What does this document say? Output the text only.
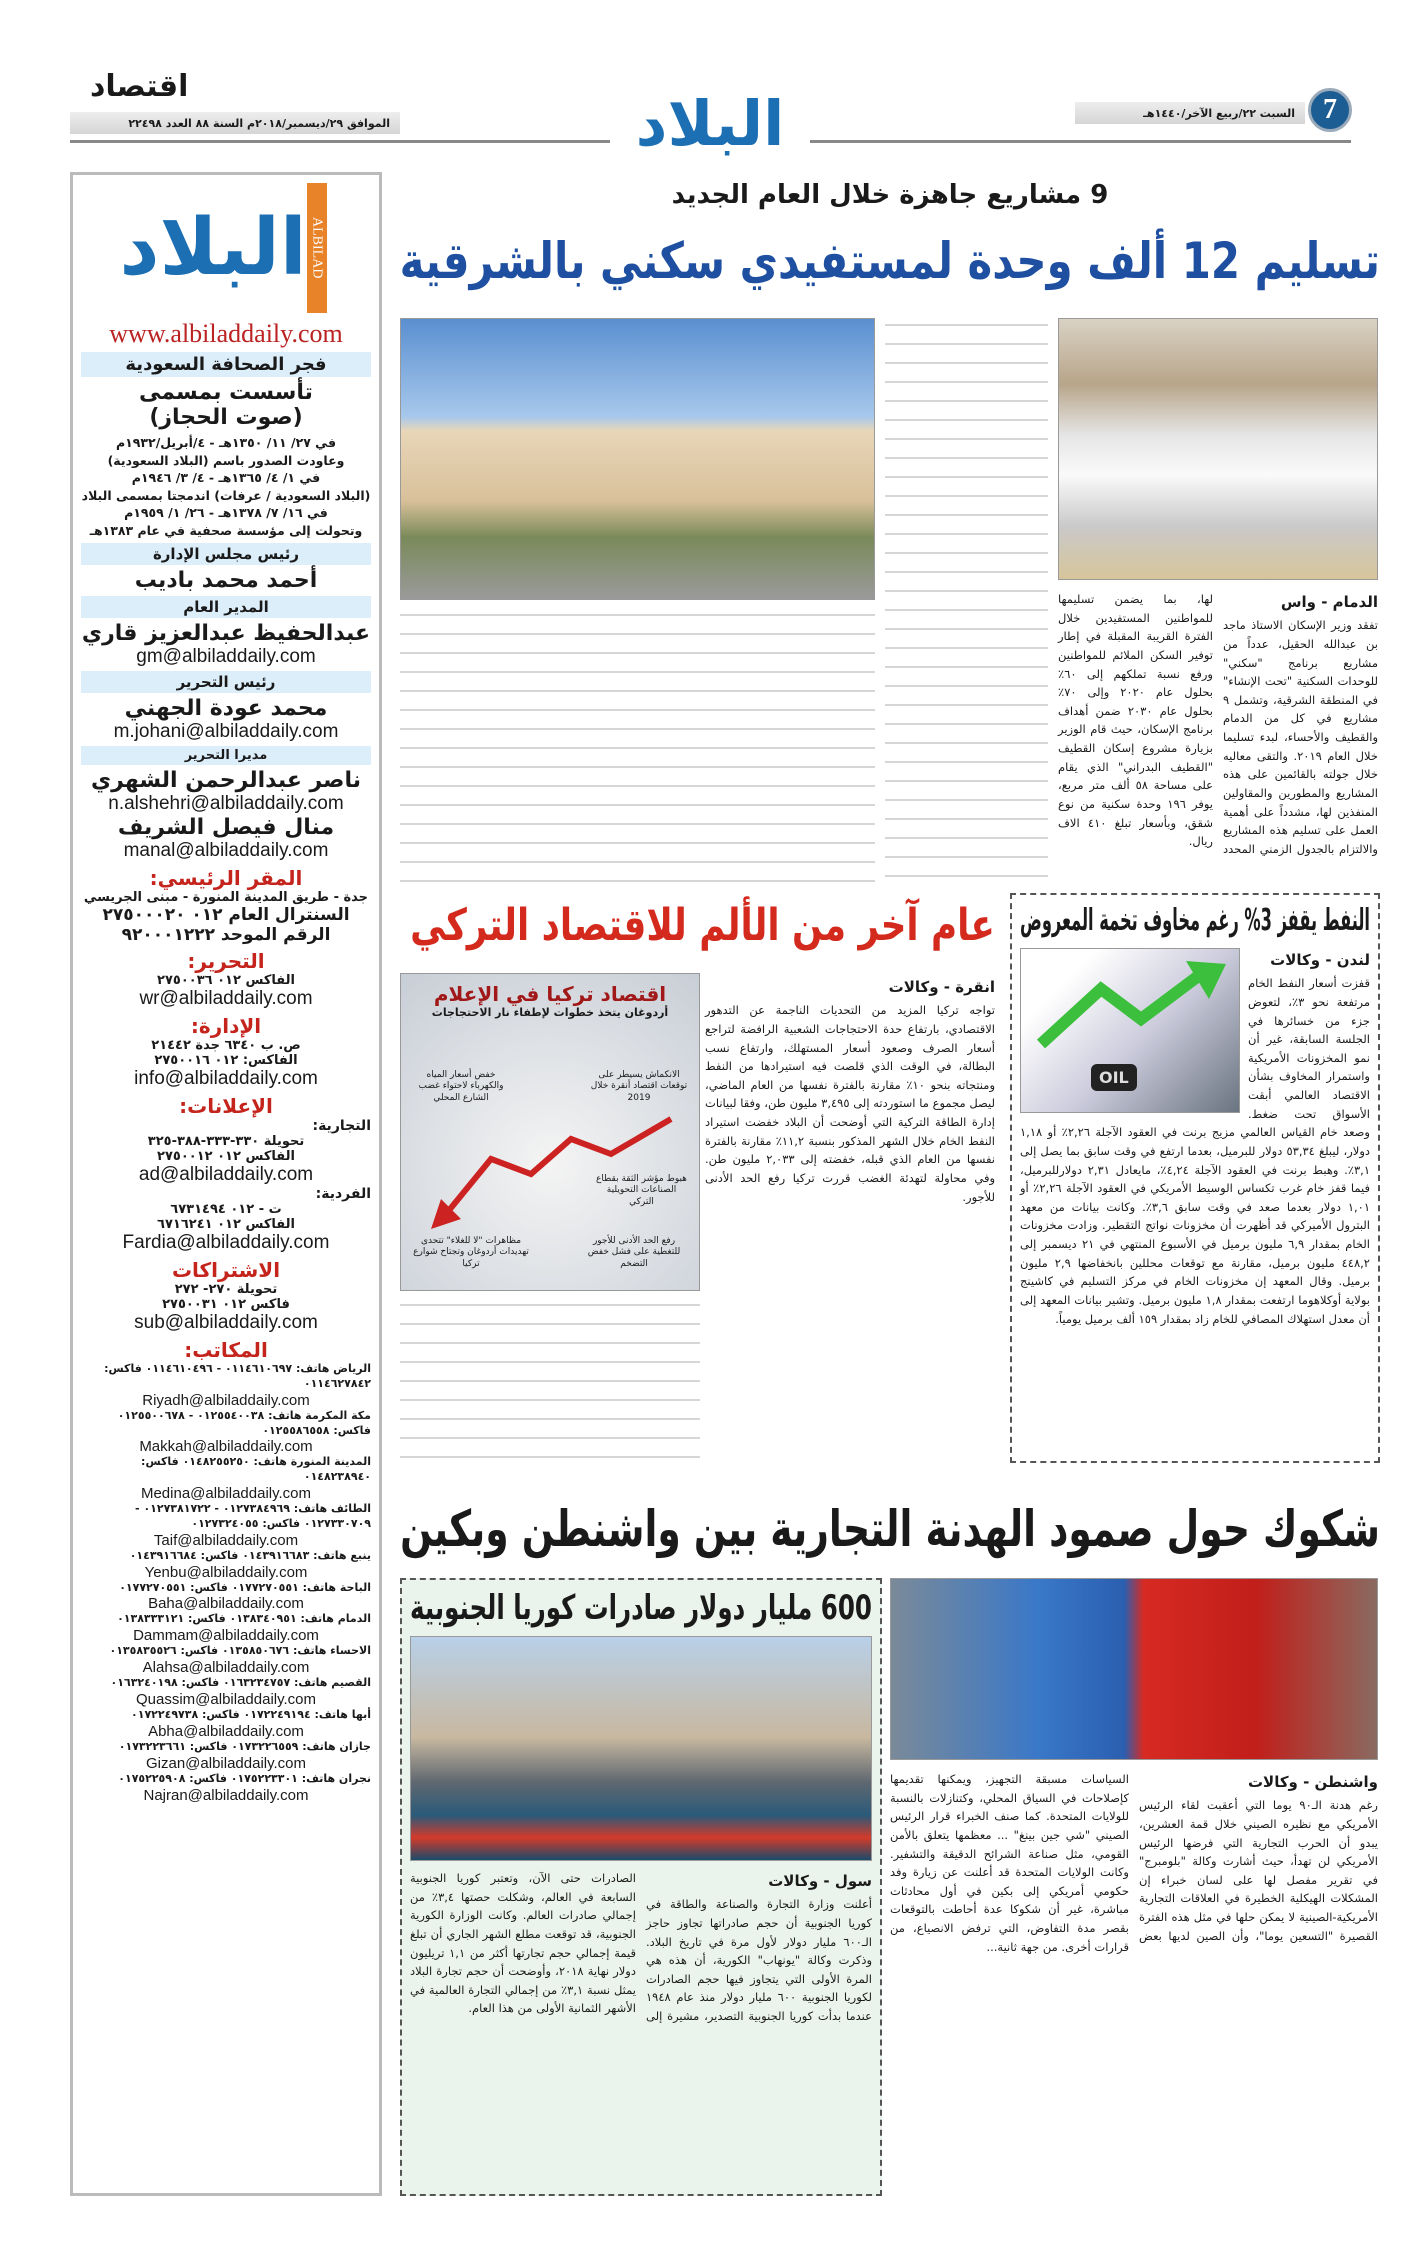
7
السبت ٢٢/ربيع الآخر/١٤٤٠هـ
البلاد
الموافق ٢٩/ديسمبر/٢٠١٨م السنة ٨٨ العدد ٢٢٤٩٨
اقتصاد
ALBILAD
البلاد
www.albiladdaily.com
فجر الصحافة السعودية
تأسست بمسمى
(صوت الحجاز)
في ٢٧/ ١١/ ١٣٥٠هـ - ٤/أبريل/١٩٣٢م
وعاودت الصدور باسم (البلاد السعودية)
في ١/ ٤/ ١٣٦٥هـ - ٤/ ٣/ ١٩٤٦م
(البلاد السعودية / عرفات) اندمجتا بمسمى البلاد
في ١٦/ ٧/ ١٣٧٨هـ - ٢٦/ ١/ ١٩٥٩م
وتحولت إلى مؤسسة صحفية في عام ١٣٨٣هـ
رئيس مجلس الإدارة
أحمد محمد باديب
المدير العام
عبدالحفيظ عبدالعزيز قاري
gm@albiladdaily.com
رئيس التحرير
محمد عودة الجهني
m.johani@albiladdaily.com
مديرا التحرير
ناصر عبدالرحمن الشهري
n.alshehri@albiladdaily.com
منال فيصل الشريف
manal@albiladdaily.com
المقر الرئيسي:
جدة - طريق المدينة المنورة - مبنى الجريسي
السنترال العام ٠١٢ ٢٧٥٠٠٠٢٠
الرقم الموحد ٩٢٠٠٠١٢٢٢
التحرير:
الفاكس ٠١٢ ٢٧٥٠٠٣٦
wr@albiladdaily.com
الإدارة:
ص. ب ٦٣٤٠ جدة ٢١٤٤٢
الفاكس: ٠١٢ ٢٧٥٠٠١٦
info@albiladdaily.com
الإعلانات:
التجارية:
تحويلة ٣٣٠-٣٣٣-٣٨٨-٣٢٥
الفاكس ٠١٢ ٢٧٥٠٠١٢
ad@albiladdaily.com
الفردية:
ت - ٠١٢ ٦٧٣١٤٩٤
الفاكس ٠١٢ ٦٧١٦٢٤١
Fardia@albiladdaily.com
الاشتراكات
تحويلة ٢٧٠- ٢٧٢
فاكس ٠١٢ ٢٧٥٠٠٣١
sub@albiladdaily.com
المكاتب:
الرياض هاتف: ٠١١٤٦١٠٦٩٧ - ٠١١٤٦١٠٤٩٦ فاكس: ٠١١٤٦٢٧٨٤٢
Riyadh@albiladdaily.com
مكة المكرمة هاتف: ٠١٢٥٥٤٠٠٣٨ - ٠١٢٥٥٠٠٦٧٨ فاكس: ٠١٢٥٥٨٦٥٥٨
Makkah@albiladdaily.com
المدينة المنورة هاتف: ٠١٤٨٢٥٥٢٥٠ فاكس: ٠١٤٨٢٣٨٩٤٠
Medina@albiladdaily.com
الطائف هاتف: ٠١٢٧٣٨٤٩٦٩ - ٠١٢٧٣٨١٧٢٢ - ٠١٢٧٣٣٠٧٠٩ فاكس: ٠١٢٧٣٢٤٠٥٥
Taif@albiladdaily.com
ينبع هاتف: ٠١٤٣٩١٦٦٨٣ فاكس: ٠١٤٣٩١٦٦٨٤
Yenbu@albiladdaily.com
الباحة هاتف: ٠١٧٧٢٧٠٥٥١ فاكس: ٠١٧٧٢٧٠٥٥١
Baha@albiladdaily.com
الدمام هاتف: ٠١٣٨٣٤٠٩٥١ فاكس: ٠١٣٨٣٣٣١٢١
Dammam@albiladdaily.com
الاحساء هاتف: ٠١٣٥٨٥٠٦٧٦ فاكس: ٠١٣٥٨٣٥٥٢٦
Alahsa@albiladdaily.com
القصيم هاتف: ٠١٦٣٢٣٤٧٥٧ فاكس: ٠١٦٣٢٤٠١٩٨
Quassim@albiladdaily.com
أبها هاتف: ٠١٧٢٢٤٩١٩٤ فاكس: ٠١٧٢٢٤٩٧٣٨
Abha@albiladdaily.com
جازان هاتف: ٠١٧٣٢٢٦٥٥٩ فاكس: ٠١٧٣٢٢٣٦٦١
Gizan@albiladdaily.com
نجران هاتف: ٠١٧٥٢٢٣٣٠١ فاكس: ٠١٧٥٢٢٥٩٠٨
Najran@albiladdaily.com
9 مشاريع جاهزة خلال العام الجديد
تسليم 12 ألف وحدة لمستفيدي سكني بالشرقية
الدمام - واس
تفقد وزير الإسكان الاستاذ ماجد بن عبدالله الحقيل، عدداً من مشاريع برنامج "سكني" للوحدات السكنية "تحت الإنشاء" في المنطقة الشرقية، وتشمل ٩ مشاريع في كل من الدمام والقطيف والأحساء، لبدء تسليما خلال العام ٢٠١٩. والتقى معاليه خلال جولته بالقائمين على هذه المشاريع والمطورين والمقاولين المنفذين لها، مشدداً على أهمية العمل على تسليم هذه المشاريع والالتزام بالجدول الزمني المحدد لها، بما يضمن تسليمها للمواطنين المستفيدين خلال الفترة القريبة المقبلة في إطار توفير السكن الملائم للمواطنين ورفع نسبة تملكهم إلى ٦٠٪ بحلول عام ٢٠٢٠ وإلى ٧٠٪ بحلول عام ٢٠٣٠ ضمن أهداف برنامج الإسكان، حيث قام الوزير بزيارة مشروع إسكان القطيف "القطيف البدراني" الذي يقام على مساحة ٥٨ ألف متر مربع، يوفر ١٩٦ وحدة سكنية من نوع شقق، وبأسعار تبلغ ٤١٠ الاف ريال.
النفط يقفز 3% رغم مخاوف تخمة المعروض
OIL
لندن - وكالات
قفزت أسعار النفط الخام مرتفعة نحو ٣٪، لتعوض جزء من خسائرها في الجلسة السابقة، غير أن نمو المخزونات الأمريكية واستمرار المخاوف بشأن الاقتصاد العالمي أبقت الأسواق تحت ضغط. وصعد خام القياس العالمي مزيج برنت في العقود الآجلة ٢,٢٦٪ أو ١,١٨ دولار، ليبلغ ٥٣,٣٤ دولار للبرميل، بعدما ارتفع في وقت سابق بما يصل إلى ٣,١٪. وهبط برنت في العقود الآجلة ٤,٢٤٪، مايعادل ٢,٣١ دولارللبرميل، فيما قفز خام غرب تكساس الوسيط الأمريكي في العقود الآجلة ٢,٢٦٪ أو ١,٠١ دولار بعدما صعد في وقت سابق ٣,٦٪. وكانت بيانات من معهد البترول الأميركي قد أظهرت أن مخزونات نواتج التقطير. وزادت مخزونات الخام بمقدار ٦,٩ مليون برميل في الأسبوع المنتهي في ٢١ ديسمبر إلى ٤٤٨,٢ مليون برميل، مقارنة مع توقعات محللين بانخفاضها ٢,٩ مليون برميل. وقال المعهد إن مخزونات الخام في مركز التسليم في كاشينج بولاية أوكلاهوما ارتفعت بمقدار ١,٨ مليون برميل. وتشير بيانات المعهد إلى أن معدل استهلاك المصافي للخام زاد بمقدار ١٥٩ ألف برميل يومياً.
عام آخر من الألم للاقتصاد التركي
اقتصاد تركيا في الإعلام
أردوغان يتخذ خطوات لإطفاء نار الاحتجاجات
الانكماش يسيطر على توقعات اقتصاد أنقرة خلال 2019
خفض أسعار المياه والكهرباء لاحتواء غضب الشارع المحلي
هبوط مؤشر الثقة بقطاع الصناعات التحويلية التركي
رفع الحد الأدنى للأجور للتغطية على فشل خفض التضخم
مظاهرات "لا للغلاء" تتحدى تهديدات أردوغان وتجتاح شوارع تركيا
انقرة - وكالات
تواجه تركيا المزيد من التحديات الناجمة عن التدهور الاقتصادي، بارتفاع حدة الاحتجاجات الشعبية الرافضة لتراجع أسعار الصرف وصعود أسعار المستهلك، وارتفاع نسب البطالة، في الوقت الذي قلصت فيه استيرادها من النفط ومنتجاته بنحو ١٠٪ مقارنة بالفترة نفسها من العام الماضي، ليصل مجموع ما استوردته إلى ٣,٤٩٥ مليون طن، وفقا لبيانات إدارة الطاقة التركية التي أوضحت أن البلاد خفضت استيراد النفط الخام خلال الشهر المذكور بنسبة ١١,٢٪ مقارنة بالفترة نفسها من العام الذي قبله، خفضته إلى ٢,٠٣٣ مليون طن. وفي محاولة لتهدئة الغضب قررت تركيا رفع الحد الأدنى للأجور.
شكوك حول صمود الهدنة التجارية بين واشنطن وبكين
واشنطن - وكالات
رغم هدنة الـ٩٠ يوما التي أعقبت لقاء الرئيس الأمريكي مع نظيره الصيني خلال قمة العشرين، يبدو أن الحرب التجارية التي فرضها الرئيس الأمريكي لن تهدأ، حيث أشارت وكالة "بلومبرج" في تقرير مفصل لها على لسان خبراء إن المشكلات الهيكلية الخطيرة في العلاقات التجارية الأمريكية-الصينية لا يمكن حلها في مثل هذه الفترة القصيرة "التسعين يوما"، وأن الصين لديها بعض السياسات مسبقة التجهيز، ويمكنها تقديمها كإصلاحات في السياق المحلي، وكتنازلات بالنسبة للولايات المتحدة. كما صنف الخبراء قرار الرئيس الصيني "شي جين بينغ" ... معظمها يتعلق بالأمن القومي، مثل صناعة الشرائح الدقيقة والتشفير. وكانت الولايات المتحدة قد أعلنت عن زيارة وفد حكومي أمريكي إلى بكين في أول محادثات مباشرة، غير أن شكوكا عدة أحاطت بالتوقعات بقصر مدة التفاوض، التي ترفض الانصياع، من قرارات أخرى. من جهة ثانية...
600 مليار دولار صادرات كوريا الجنوبية
سول - وكالات
أعلنت وزارة التجارة والصناعة والطاقة في كوريا الجنوبية أن حجم صادراتها تجاوز حاجز الـ٦٠٠ مليار دولار لأول مرة في تاريخ البلاد. وذكرت وكالة "يونهاب" الكورية، أن هذه هي المرة الأولى التي يتجاوز فيها حجم الصادرات لكوريا الجنوبية ٦٠٠ مليار دولار منذ عام ١٩٤٨ عندما بدأت كوريا الجنوبية التصدير، مشيرة إلى الصادرات حتى الآن، وتعتبر كوريا الجنوبية السابعة في العالم، وشكلت حصتها ٣,٤٪ من إجمالي صادرات العالم. وكانت الوزارة الكورية الجنوبية، قد توقعت مطلع الشهر الجاري أن تبلغ قيمة إجمالي حجم تجارتها أكثر من ١,١ تريليون دولار نهاية ٢٠١٨، وأوضحت أن حجم تجارة البلاد يمثل نسبة ٣,١٪ من إجمالي التجارة العالمية في الأشهر الثمانية الأولى من هذا العام.
